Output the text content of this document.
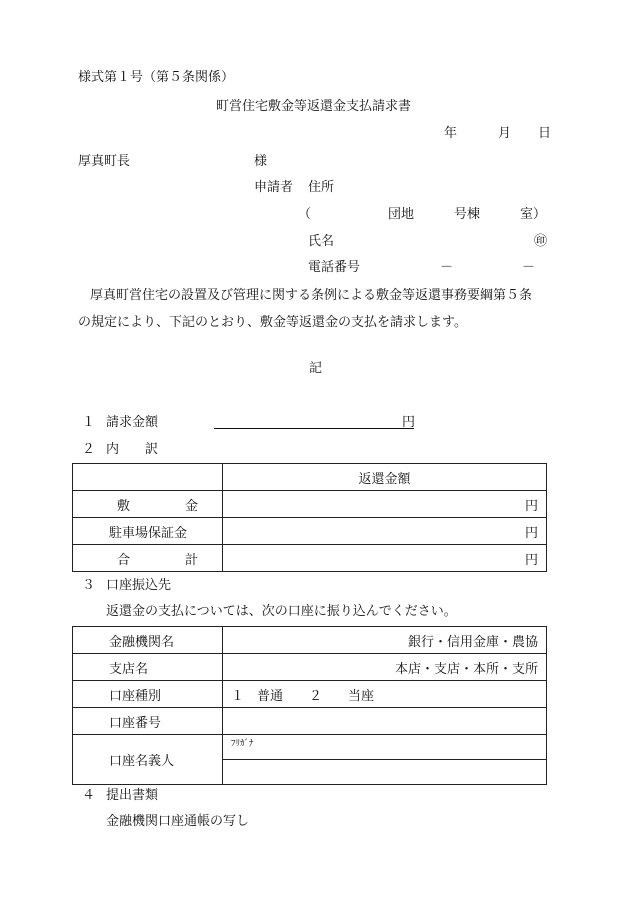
様式第１号（第５条関係）
町営住宅敷金等返還金支払請求書
年	月 日
厚真町長	様
申請者 住所
（	団地	号棟	室）
氏名	㊞
電話番号	－	－
厚真町営住宅の設置及び管理に関する条例による敷金等返還事務要綱第５条
の規定により、下記のとおり、敷金等返還金の支払を請求します。
記
１ 請求金額	円
２ 内　　訳
	返還金額

敷 金	円
駐車場保証金	円

合 計	円
３ 口座振込先
返還金の支払については、次の口座に振り込んでください。
金融機関名	銀行・信用金庫・農協
支店名	本店・支店・本所・支所
口座種別	１　普通　　２　　当座
口座番号	
口座名義人	ﾌﾘｶﾞﾅ

４ 提出書類
金融機関口座通帳の写し
